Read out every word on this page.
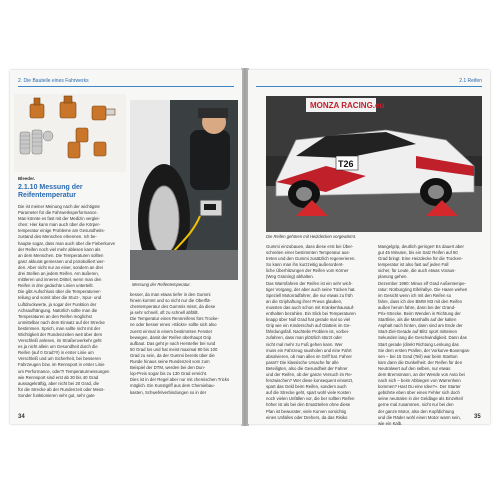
2. Die Bauteile eines Fahrwerks
Bleeder.
2.1.10 Messung der
Reifentemperatur
Die ist meiner Meinung nach der wichtigste
Parameter für die Fahrwerksperformance.
Man könnte es fast mit der Medizin verglei-
chen: Hier kann man auch über die Körper-
temperatur einige Probleme am Gesundheits-
zustand des Menschen erkennen. Ich be-
haupte sogar, dass man auch über die Fieberkurve
der Reifen noch viel mehr ablesen kann als
an dem Menschen. Die Temperaturen sollten
ganz akkurat gemessen und protokolliert wer-
den. Aber nicht nur an einer, sondern an drei
drei Stellen an jedem Reifen. Am äußeren,
mittleren und inneren Drittel, wenn man den
Reifen in drei gedachte Linien unterteilt.
Die gibt Aufschluss über die Temperaturver-
teilung und somit über die Sturz-, Spur- und
Luftdruckwerte, ja sogar der Funktion der
Achsaufhängung. Natürlich sollte man die
Temperaturen an den Reifen möglichst
unmittelbar nach dem Einsatz auf der Strecke
bestimmen. Sprich, man sollte nicht mit der
Wichtigkeit der Rundenzeiten weit über dem
Verschleiß anlesen, im Straßenverkehr geht
es ja nicht allein um Gesundheit durch die
Reifen (auf 0 Grad?!!) in erster Linie um
Verschleiß und um Sicherheit, bei besseren
Fahrzeugen bzw. im Rennsport in erster Linie
um Performance, oder?! Temperaturmessungen
wie Rennsport sind erst ab 30 bis 40 Grad
aussagekräftig, aber nicht bei 20 Grad, die
für die Strecke ab der Rundenzeit oder Mess-
Sonder funktionieren sehr gut, sehr gute
Messung der Reifentemperatur.
besser, da man etwas tiefer in den Gummi
hinein kommt und so nicht nur die Oberflä-
chentemperatur des Gummis misst, da diese
ja sehr schnell, oft zu schnell abfällt.
Die Temperatur eines Rennreifens fürs Trocke-
ne oder besser eines »Slicks« sollte sich also
zuerst einmal in einem bestimmten Fenster
bewegen, damit der Reifen überhaupt Grip
aufbaut. Das geht je nach Hersteller bei rund
50 Grad los und hat meist maximal 80 bis 100
Grad zu sein, da der Gummi bereits über die
Runde hinaus seine Rundenzeit vom zum
Beispiel der DTM, werden bei den Dun-
lop-Preis sogar bis zu 130 Grad erreicht.
Dies ist in der Regel aber nur mit chemischen Tricks
möglich. Ein Kunstgriff aus dem Chemiebau-
kasten, Schwefelverbindungen so in der
34
2.1 Reifen
MONZA RACING.eu
T26
Die Reifen gehören mit Heizdecken vorgewärmt.
Gummi einzubauen, dass diese erst bei Über-
schreiten einer bestimmten Temperatur aus-
treten und den Gummi zusätzlich regenerieren.
So kann man ihn kurzzeitig außerordent-
liche Überhitzungen der Reifen vom Körner
(Weg Graining) abhalten.
Das Warmfahren der Reifen ist ein sehr wich-
tiger Vorgang, der aber auch seine Tücken hat.
Speziell Motorradfahrer, die nur etwas zu früh
an die Griphaftung ihrer Pneus glauben,
mussten das auch schon mit Krankenhausauf-
enthalten bezahlen. Ein Slick bei Temperaturen
knapp über Null Grad hat gerade mal so viel
Grip wie ein Kinderschuh auf Glatteis im Ge-
fährdungsfall. Nachteile Problem ist, vorbei-
zufahren, dass man plötzlich stürzt oder
nicht mal mehr zu Fuß gehen kann. Wer
muss ein Fahrzeug rausholen und eine Fahrt
absolvieren, ob man alles im Griff hat. Fahrer
passt? Die klassische Ursache für alle
Beteiligten, also die Gesundheit der Fahrer
und der Reifen, ob der ganze Versuch im Re-
fenzwischen? Wer diese konsequent einsetzt,
spart das Geld beim Reifen, sondern auch
auf die Strecke geht, spart wohl viele Kosten
noch vielen Unfällen vor, die ber sollten Reifen
höher ist als bei den Ersatzteilen ohne diese
Plan ist bewusster, viele Kurven vorsichtig
eines Unfalles oder Drehers, da das Risiko
Mangelgrip, deutlich geringer! Es dauert aber
gut 45 Minuten, bis ein Satz Reifen auf 80
Grad bringt. Eine Heizdecke für die Trocken-
temperatur ist also fast auf jeden Fall
sicher, für Leute, die auch etwas Voraus-
planung gehen.
Dezember 1990: Minus elf Grad Außentempe-
ratur: Nürburgring Eifelrallye. Die Haare wehen
im Gesicht wenn ich mit den Reifen so
fahre, dass ich den BMW M3 mit den Reifen
außen herum fahre, dann bei der Grand-
Prix-Strecke. Beim Wenden in Richtung der
Startlinie, als die Marshalls auf der kalten
Asphalt nach hinten, dann sind am Ende der
Start-Ziel-Gerade auf Blitz spürt mitteinen
Sekunden lang die Geschwindigkeit. Dann das
Start gerade (direkt Richtung Lenkung das
Sie dem ersten Prallen, der Vorkurve-Boxengas-
sen – bei 15 Grad (Teil) war beim Startton
kam dann die Dunkelheit: der Reifen für den
Neutralwert auf den selben, nur etwas
dem Bremsmann, an der Wende von Auto bei
nach sich – beim Abbiegen von Warrenhein
kommen? Hast Du eine Idee?«. Der Starter
gebührte eben über einen Fehler sich doch
seine neutralen in der Geldlage als Einzelteil
gerne mal zusammen, nicht nur bei den
der ganze Motor, also den Kopfdichtung
und die Räder wohl einen Motor warm sein,
wie ein Kalb.
35
